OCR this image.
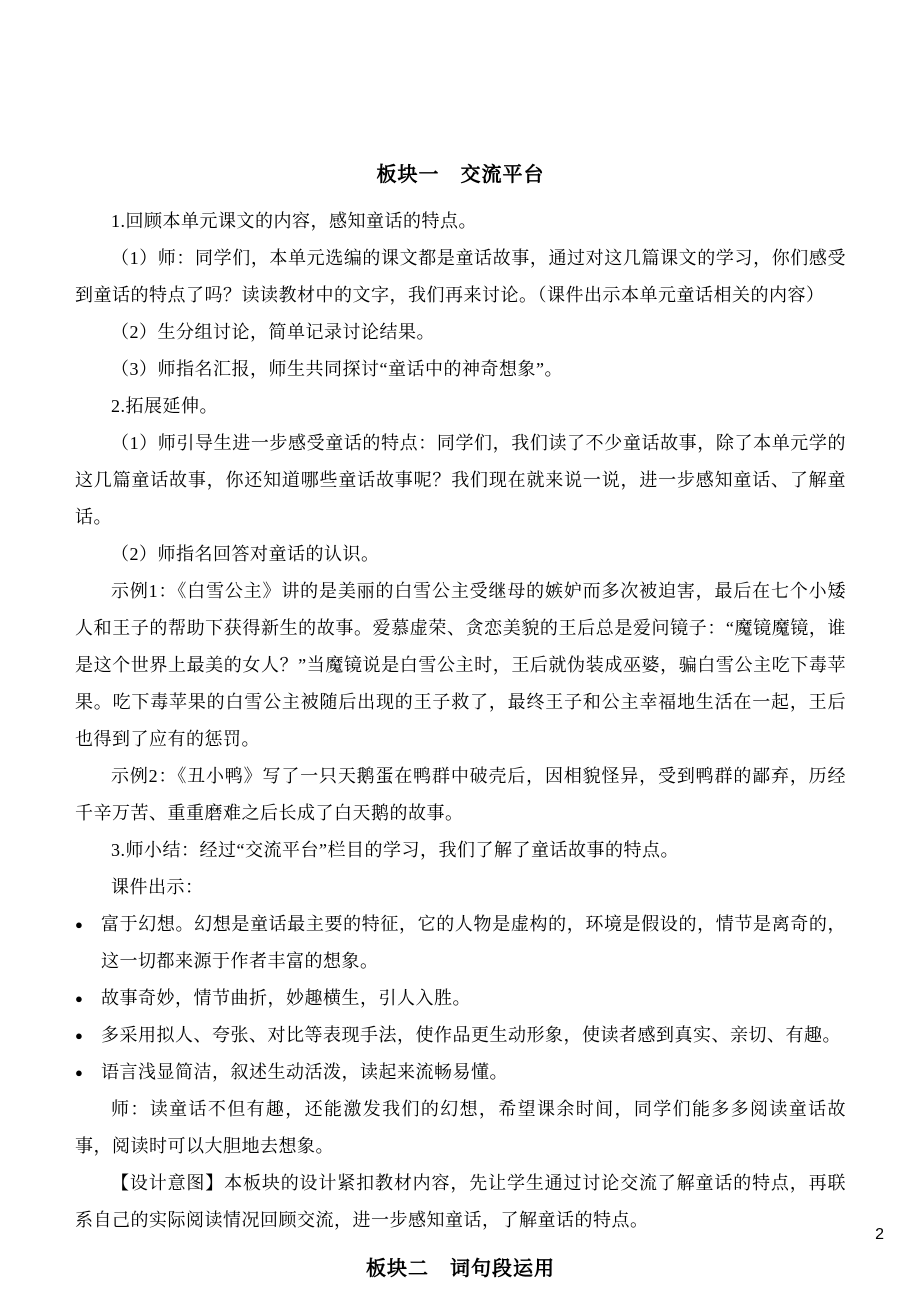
板块一　交流平台
1.回顾本单元课文的内容，感知童话的特点。
（1）师：同学们，本单元选编的课文都是童话故事，通过对这几篇课文的学习，你们感受到童话的特点了吗？读读教材中的文字，我们再来讨论。（课件出示本单元童话相关的内容）
（2）生分组讨论，简单记录讨论结果。
（3）师指名汇报，师生共同探讨“童话中的神奇想象”。
2.拓展延伸。
（1）师引导生进一步感受童话的特点：同学们，我们读了不少童话故事，除了本单元学的这几篇童话故事，你还知道哪些童话故事呢？我们现在就来说一说，进一步感知童话、了解童话。
（2）师指名回答对童话的认识。
示例1：《白雪公主》讲的是美丽的白雪公主受继母的嫉妒而多次被迫害，最后在七个小矮人和王子的帮助下获得新生的故事。爱慕虚荣、贪恋美貌的王后总是爱问镜子：“魔镜魔镜，谁是这个世界上最美的女人？”当魔镜说是白雪公主时，王后就伪装成巫婆，骗白雪公主吃下毒苹果。吃下毒苹果的白雪公主被随后出现的王子救了，最终王子和公主幸福地生活在一起，王后也得到了应有的惩罚。
示例2：《丑小鸭》写了一只天鹅蛋在鸭群中破壳后，因相貌怪异，受到鸭群的鄙弃，历经千辛万苦、重重磨难之后长成了白天鹅的故事。
3.师小结：经过“交流平台”栏目的学习，我们了解了童话故事的特点。
课件出示：
● 富于幻想。幻想是童话最主要的特征，它的人物是虚构的，环境是假设的，情节是离奇的，这一切都来源于作者丰富的想象。
● 故事奇妙，情节曲折，妙趣横生，引人入胜。
● 多采用拟人、夸张、对比等表现手法，使作品更生动形象，使读者感到真实、亲切、有趣。
● 语言浅显简洁，叙述生动活泼，读起来流畅易懂。
师：读童话不但有趣，还能激发我们的幻想，希望课余时间，同学们能多多阅读童话故事，阅读时可以大胆地去想象。
【设计意图】本板块的设计紧扣教材内容，先让学生通过讨论交流了解童话的特点，再联系自己的实际阅读情况回顾交流，进一步感知童话，了解童话的特点。
板块二　词句段运用
2
